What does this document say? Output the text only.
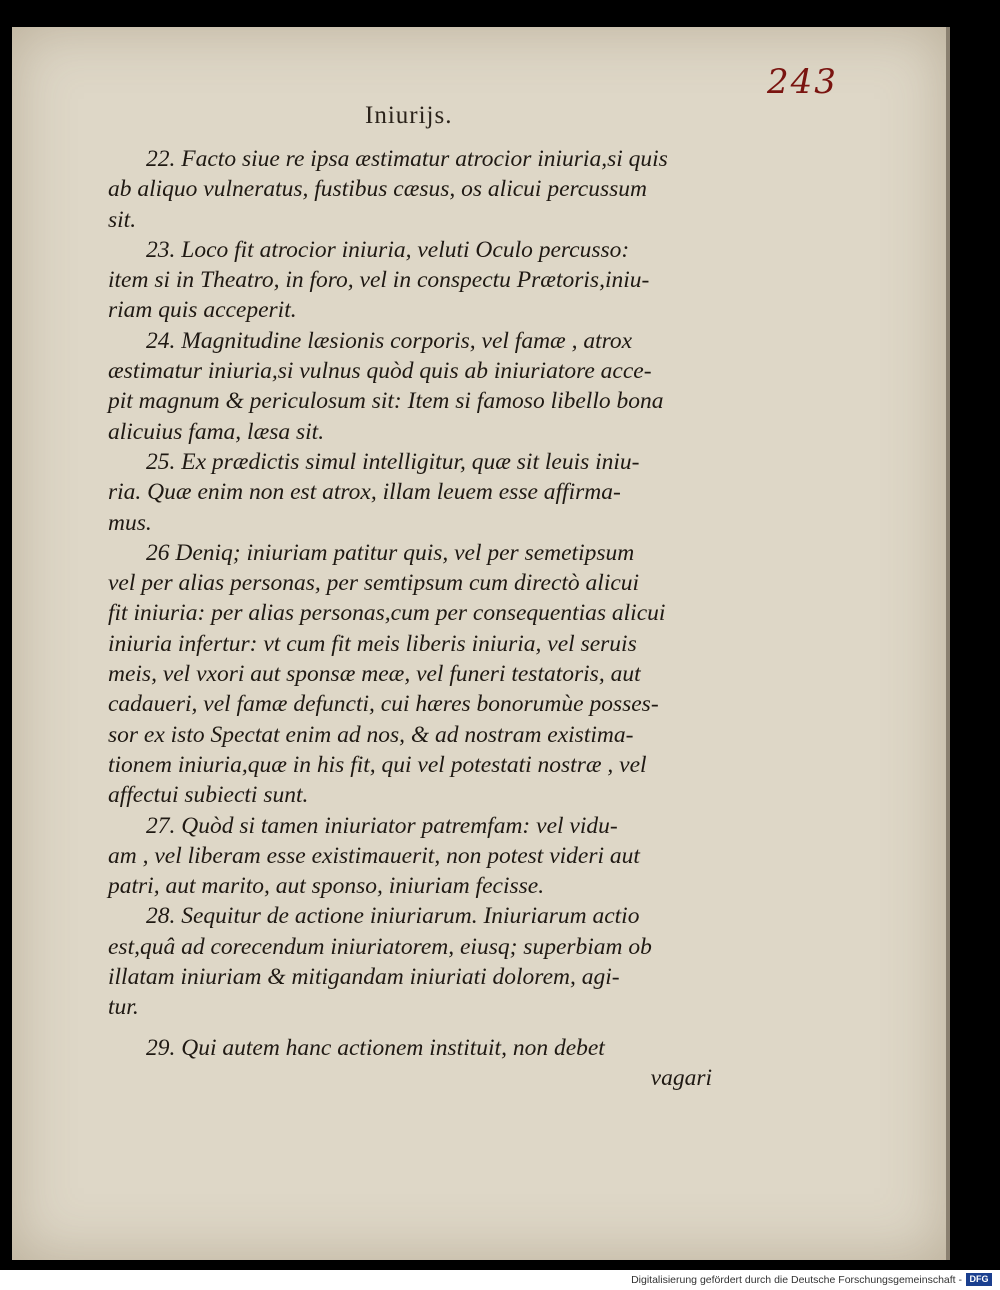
243
Iniurijs.
22. Facto siue re ipsa æstimatur atrocior iniuria,si quis
ab aliquo vulneratus, fustibus cæsus, os alicui percussum
sit.
23. Loco fit atrocior iniuria, veluti Oculo percusso:
item si in Theatro, in foro, vel in conspectu Prætoris,iniu-
riam quis acceperit.
24. Magnitudine læsionis corporis, vel famæ , atrox
æstimatur iniuria,si vulnus quòd quis ab iniuriatore acce-
pit magnum & periculosum sit: Item si famoso libello bona
alicuius fama, læsa sit.
25. Ex prædictis simul intelligitur, quæ sit leuis iniu-
ria. Quæ enim non est atrox, illam leuem esse affirma-
mus.
26 Deniq; iniuriam patitur quis, vel per semetipsum
vel per alias personas, per semtipsum cum directò alicui
fit iniuria: per alias personas,cum per consequentias alicui
iniuria infertur: vt cum fit meis liberis iniuria, vel seruis
meis, vel vxori aut sponsæ meæ, vel funeri testatoris, aut
cadaueri, vel famæ defuncti, cui hæres bonorumùe posses-
sor ex isto Spectat enim ad nos, & ad nostram existima-
tionem iniuria,quæ in his fit, qui vel potestati nostræ , vel
affectui subiecti sunt.
27. Quòd si tamen iniuriator patremfam: vel vidu-
am , vel liberam esse existimauerit, non potest videri aut
patri, aut marito, aut sponso, iniuriam fecisse.
28. Sequitur de actione iniuriarum. Iniuriarum actio
est,quâ ad corecendum iniuriatorem, eiusq; superbiam ob
illatam iniuriam & mitigandam iniuriati dolorem, agi-
tur.
29. Qui autem hanc actionem instituit, non debet
vagari
Digitalisierung gefördert durch die Deutsche Forschungsgemeinschaft - DFG
